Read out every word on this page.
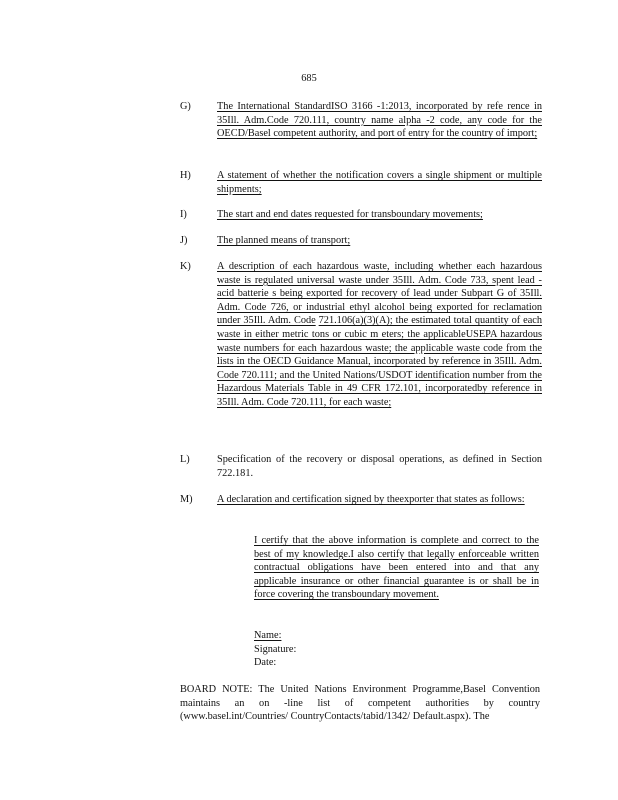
685
G)	The International StandardISO 3166 -1:2013, incorporated by refe rence in 35Ill. Adm.Code 720.111, country name alpha -2 code, any code for the OECD/Basel competent authority, and port of entry for the country of import;
H)	A statement of whether the notification covers a single shipment or multiple shipments;
I)	The start and end dates requested for transboundary movements;
J)	The planned means of transport;
K)	A description of each hazardous waste, including whether each hazardous waste is regulated universal waste under 35Ill. Adm. Code 733, spent lead -acid batterie s being exported for recovery of lead under Subpart G of 35Ill. Adm. Code 726, or industrial ethyl alcohol being exported for reclamation under 35Ill. Adm. Code 721.106(a)(3)(A); the estimated total quantity of each waste in either metric tons or cubic m eters; the applicableUSEPA hazardous waste numbers for each hazardous waste; the applicable waste code from the lists in the OECD Guidance Manual, incorporated by reference in 35Ill. Adm. Code 720.111; and the United Nations/USDOT identification number from the Hazardous Materials Table in 49 CFR 172.101, incorporatedby reference in 35Ill. Adm. Code 720.111, for each waste;
L)	Specification of the recovery or disposal operations, as defined in Section 722.181.
M)	A declaration and certification signed by theexporter that states as follows:
I certify that the above information is complete and correct to the best of my knowledge.I also certify that legally enforceable written contractual obligations have been entered into and that any applicable insurance or other financial guarantee is or shall be in force covering the transboundary movement.
Name:
Signature:
Date:
BOARD NOTE: The United Nations Environment Programme,Basel Convention maintains an on -line list of competent authorities by country (www.basel.int/Countries/ CountryContacts/tabid/1342/ Default.aspx). The
